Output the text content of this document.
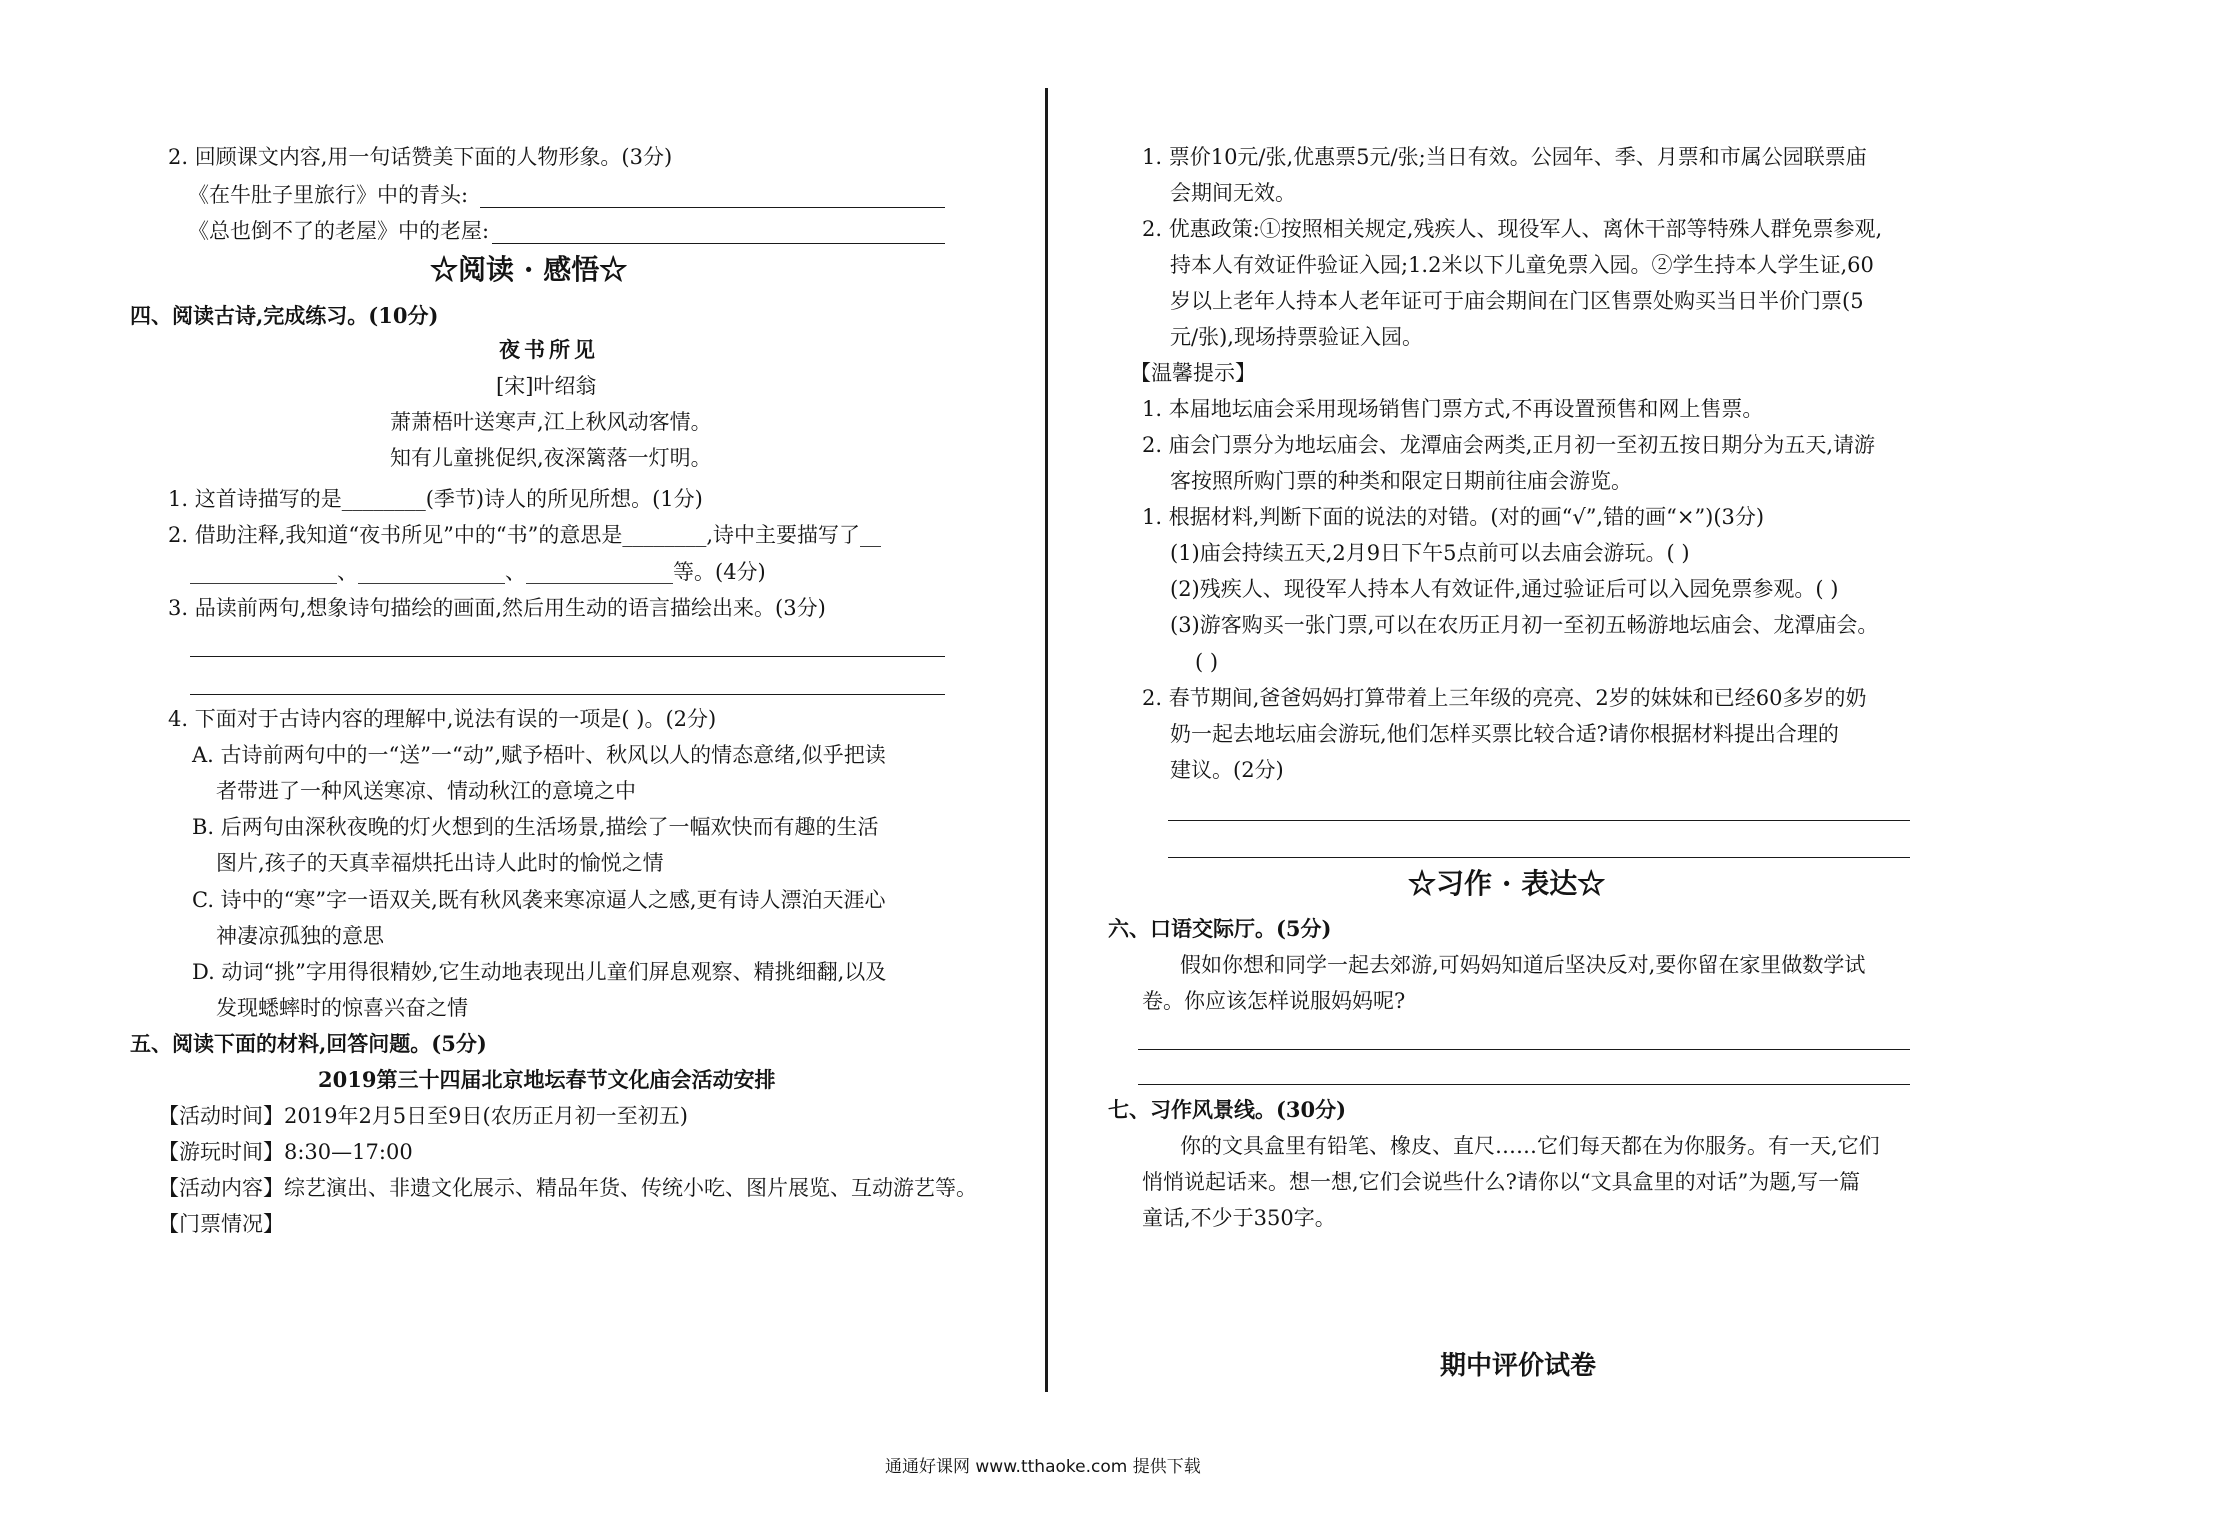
2. 回顾课文内容,用一句话赞美下面的人物形象。(3分)
《在牛肚子里旅行》中的青头:
《总也倒不了的老屋》中的老屋:
☆阅读 · 感悟☆
四、阅读古诗,完成练习。(10分)
夜书所见
[宋]叶绍翁
萧萧梧叶送寒声,江上秋风动客情。
知有儿童挑促织,夜深篱落一灯明。
1. 这首诗描写的是________(季节)诗人的所见所想。(1分)
2. 借助注释,我知道“夜书所见”中的“书”的意思是________,诗中主要描写了__
______________、______________、______________等。(4分)
3. 品读前两句,想象诗句描绘的画面,然后用生动的语言描绘出来。(3分)
4. 下面对于古诗内容的理解中,说法有误的一项是( )。(2分)
A. 古诗前两句中的一“送”一“动”,赋予梧叶、秋风以人的情态意绪,似乎把读
者带进了一种风送寒凉、情动秋江的意境之中
B. 后两句由深秋夜晚的灯火想到的生活场景,描绘了一幅欢快而有趣的生活
图片,孩子的天真幸福烘托出诗人此时的愉悦之情
C. 诗中的“寒”字一语双关,既有秋风袭来寒凉逼人之感,更有诗人漂泊天涯心
神凄凉孤独的意思
D. 动词“挑”字用得很精妙,它生动地表现出儿童们屏息观察、精挑细翻,以及
发现蟋蟀时的惊喜兴奋之情
五、阅读下面的材料,回答问题。(5分)
2019第三十四届北京地坛春节文化庙会活动安排
【活动时间】2019年2月5日至9日(农历正月初一至初五)
【游玩时间】8:30—17:00
【活动内容】综艺演出、非遗文化展示、精品年货、传统小吃、图片展览、互动游艺等。
【门票情况】
1. 票价10元/张,优惠票5元/张;当日有效。公园年、季、月票和市属公园联票庙
会期间无效。
2. 优惠政策:①按照相关规定,残疾人、现役军人、离休干部等特殊人群免票参观,
持本人有效证件验证入园;1.2米以下儿童免票入园。②学生持本人学生证,60
岁以上老年人持本人老年证可于庙会期间在门区售票处购买当日半价门票(5
元/张),现场持票验证入园。
【温馨提示】
1. 本届地坛庙会采用现场销售门票方式,不再设置预售和网上售票。
2. 庙会门票分为地坛庙会、龙潭庙会两类,正月初一至初五按日期分为五天,请游
客按照所购门票的种类和限定日期前往庙会游览。
1. 根据材料,判断下面的说法的对错。(对的画“√”,错的画“×”)(3分)
(1)庙会持续五天,2月9日下午5点前可以去庙会游玩。( )
(2)残疾人、现役军人持本人有效证件,通过验证后可以入园免票参观。( )
(3)游客购买一张门票,可以在农历正月初一至初五畅游地坛庙会、龙潭庙会。
( )
2. 春节期间,爸爸妈妈打算带着上三年级的亮亮、2岁的妹妹和已经60多岁的奶
奶一起去地坛庙会游玩,他们怎样买票比较合适?请你根据材料提出合理的
建议。(2分)
☆习作 · 表达☆
六、口语交际厅。(5分)
假如你想和同学一起去郊游,可妈妈知道后坚决反对,要你留在家里做数学试
卷。你应该怎样说服妈妈呢?
七、习作风景线。(30分)
你的文具盒里有铅笔、橡皮、直尺……它们每天都在为你服务。有一天,它们
悄悄说起话来。想一想,它们会说些什么?请你以“文具盒里的对话”为题,写一篇
童话,不少于350字。
期中评价试卷
通通好课网 www.tthaoke.com 提供下载
